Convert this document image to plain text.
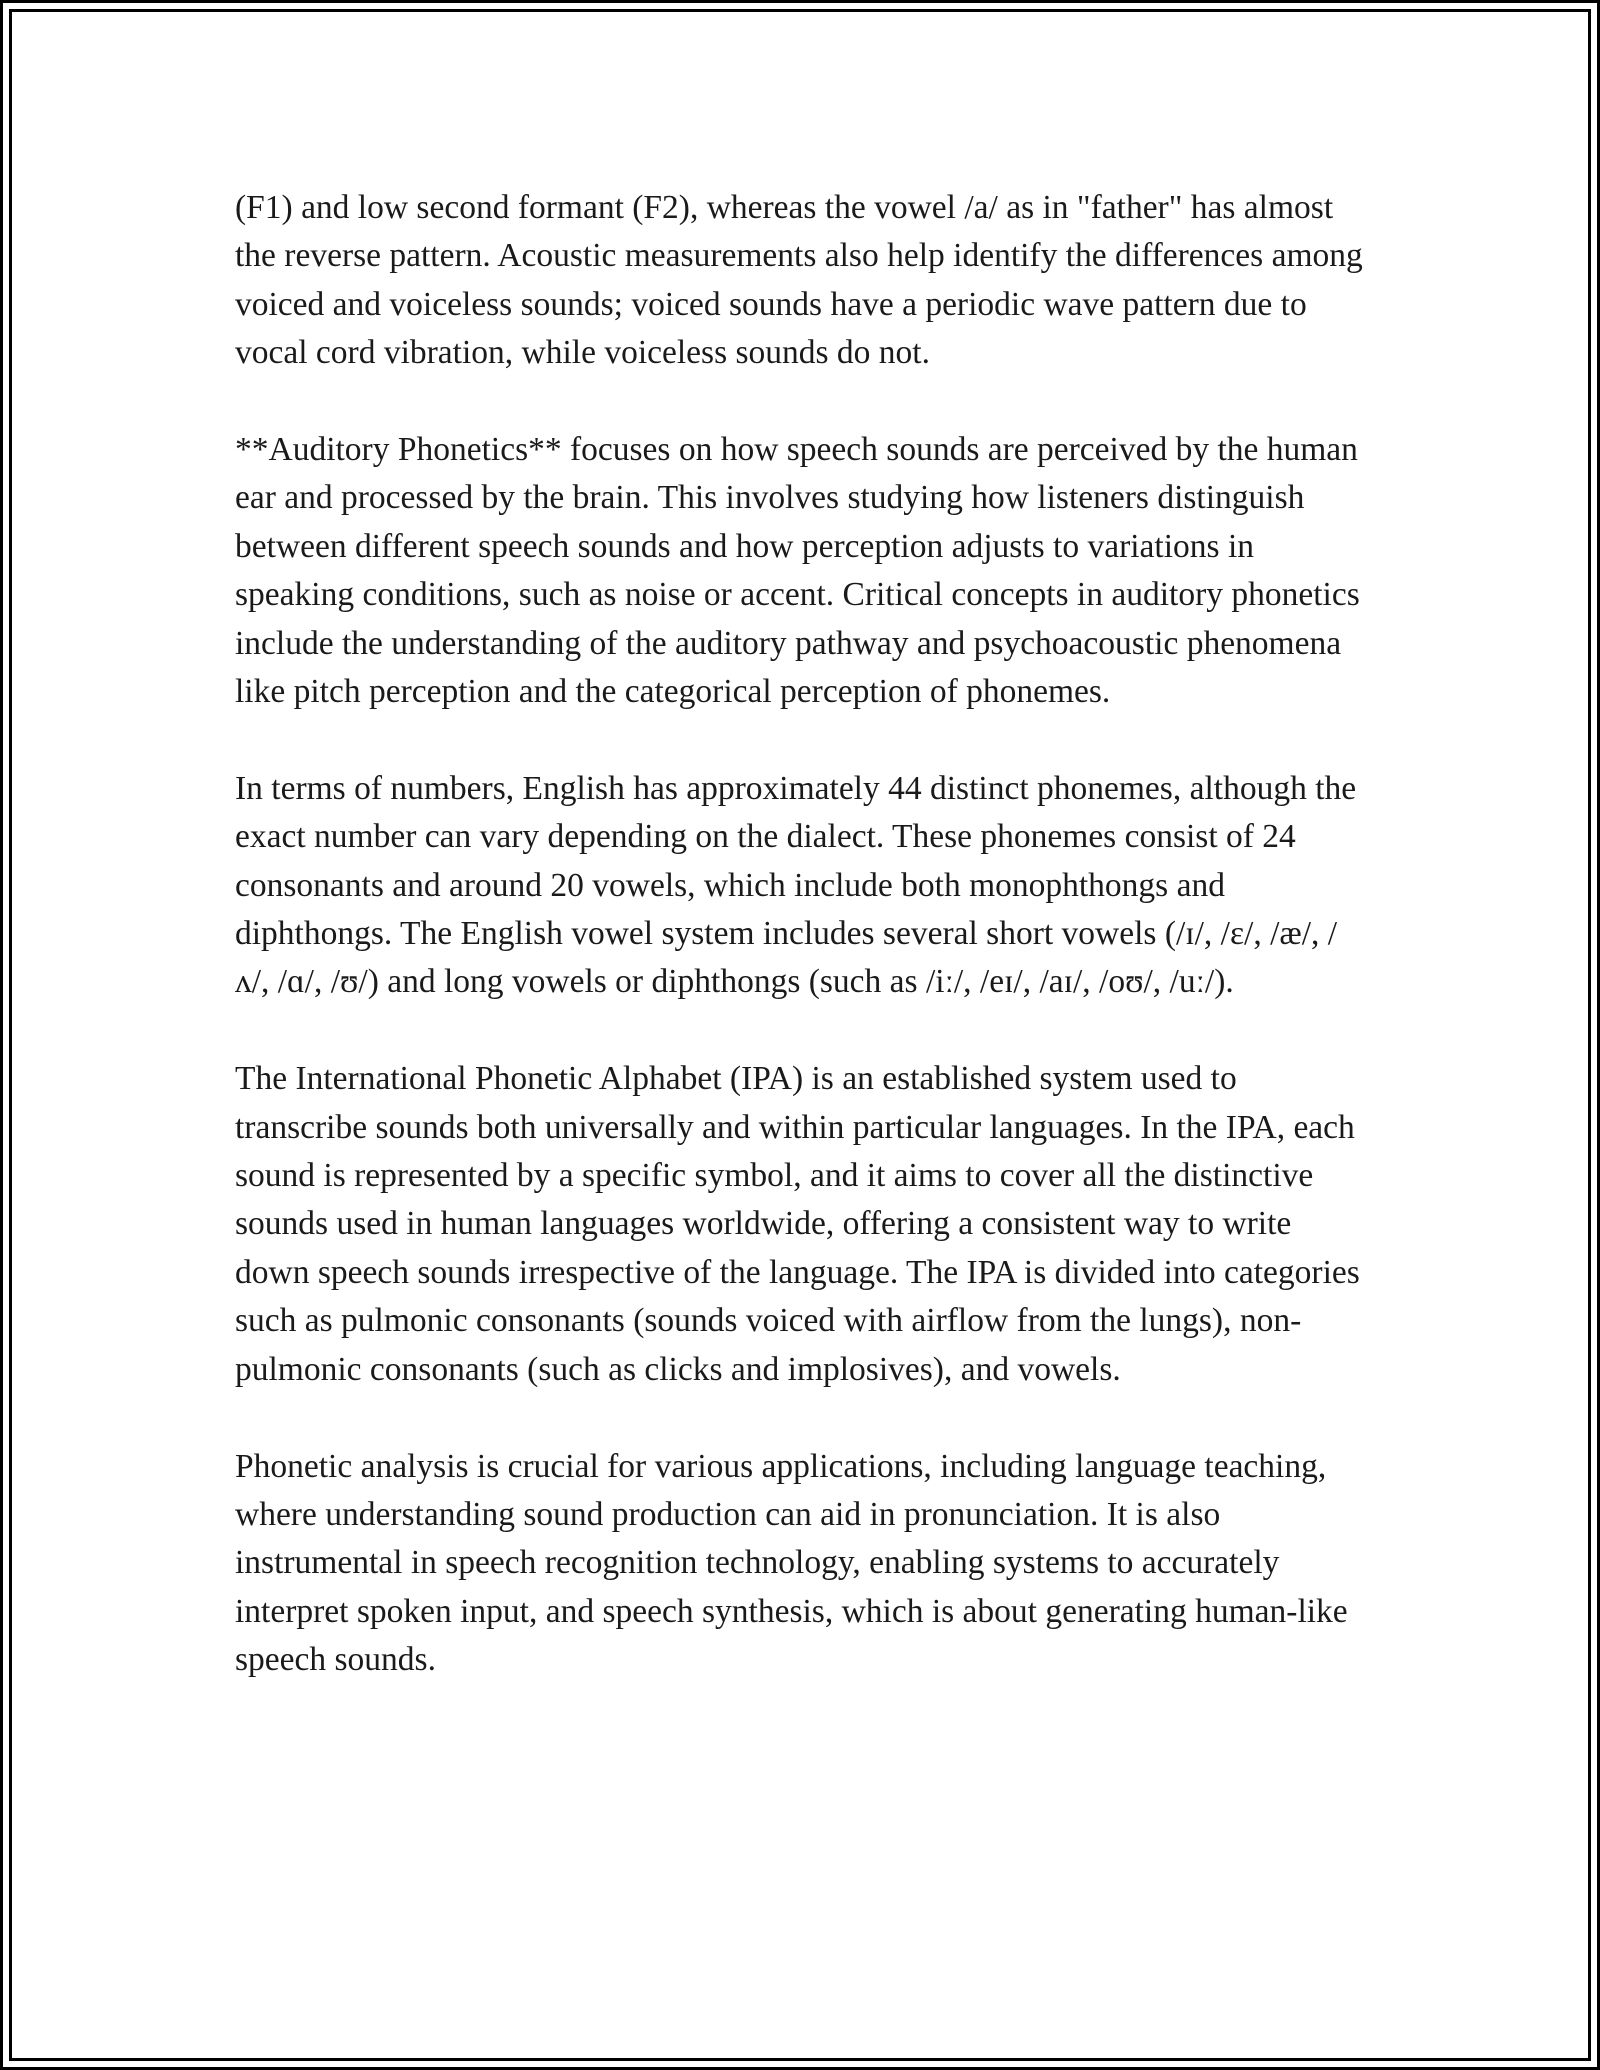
(F1) and low second formant (F2), whereas the vowel /a/ as in "father" has almost the reverse pattern. Acoustic measurements also help identify the differences among voiced and voiceless sounds; voiced sounds have a periodic wave pattern due to vocal cord vibration, while voiceless sounds do not.

**Auditory Phonetics** focuses on how speech sounds are perceived by the human ear and processed by the brain. This involves studying how listeners distinguish between different speech sounds and how perception adjusts to variations in speaking conditions, such as noise or accent. Critical concepts in auditory phonetics include the understanding of the auditory pathway and psychoacoustic phenomena like pitch perception and the categorical perception of phonemes.

In terms of numbers, English has approximately 44 distinct phonemes, although the exact number can vary depending on the dialect. These phonemes consist of 24 consonants and around 20 vowels, which include both monophthongs and diphthongs. The English vowel system includes several short vowels (/ɪ/, /ɛ/, /æ/, /ʌ/, /ɑ/, /ʊ/) and long vowels or diphthongs (such as /iː/, /eɪ/, /aɪ/, /oʊ/, /uː/).

The International Phonetic Alphabet (IPA) is an established system used to transcribe sounds both universally and within particular languages. In the IPA, each sound is represented by a specific symbol, and it aims to cover all the distinctive sounds used in human languages worldwide, offering a consistent way to write down speech sounds irrespective of the language. The IPA is divided into categories such as pulmonic consonants (sounds voiced with airflow from the lungs), non-pulmonic consonants (such as clicks and implosives), and vowels.

Phonetic analysis is crucial for various applications, including language teaching, where understanding sound production can aid in pronunciation. It is also instrumental in speech recognition technology, enabling systems to accurately interpret spoken input, and speech synthesis, which is about generating human-like speech sounds.
